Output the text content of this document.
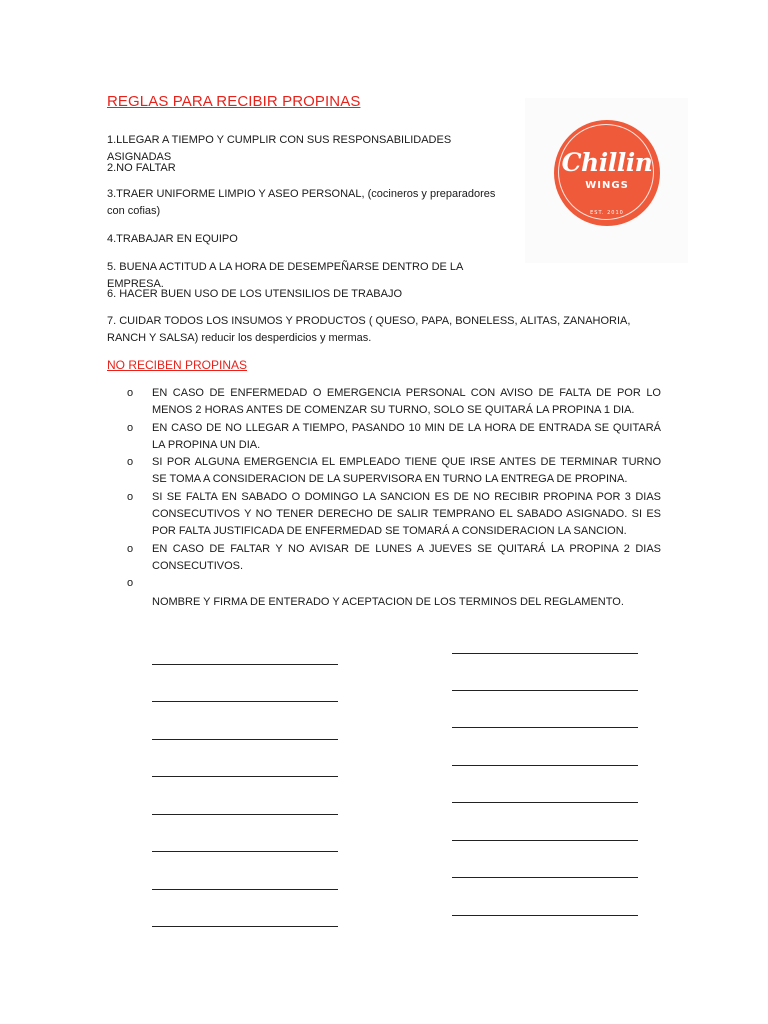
REGLAS PARA RECIBIR PROPINAS
1.LLEGAR A TIEMPO Y CUMPLIR CON SUS RESPONSABILIDADES ASIGNADAS
2.NO FALTAR
3.TRAER UNIFORME LIMPIO Y ASEO PERSONAL, (cocineros y preparadores con cofias)
4.TRABAJAR EN EQUIPO
5. BUENA ACTITUD A LA HORA DE DESEMPEÑARSE DENTRO DE LA EMPRESA.
6. HACER BUEN USO DE LOS UTENSILIOS DE TRABAJO
7. CUIDAR TODOS LOS INSUMOS Y PRODUCTOS ( QUESO, PAPA, BONELESS, ALITAS, ZANAHORIA, RANCH Y SALSA) reducir los desperdicios y mermas.
Chillin
WINGS
EST. 2010
NO RECIBEN PROPINAS
o EN CASO DE ENFERMEDAD O EMERGENCIA PERSONAL CON AVISO DE FALTA DE POR LO MENOS 2 HORAS ANTES DE COMENZAR SU TURNO, SOLO SE QUITARÁ LA PROPINA 1 DIA.
o EN CASO DE NO LLEGAR A TIEMPO, PASANDO 10 MIN DE LA HORA DE ENTRADA SE QUITARÁ LA PROPINA UN DIA.
o SI POR ALGUNA EMERGENCIA EL EMPLEADO TIENE QUE IRSE ANTES DE TERMINAR TURNO SE TOMA A CONSIDERACION DE LA SUPERVISORA EN TURNO LA ENTREGA DE PROPINA.
o SI SE FALTA EN SABADO O DOMINGO LA SANCION ES DE NO RECIBIR PROPINA POR 3 DIAS CONSECUTIVOS Y NO TENER DERECHO DE SALIR TEMPRANO EL SABADO ASIGNADO. SI ES POR FALTA JUSTIFICADA DE ENFERMEDAD SE TOMARÁ A CONSIDERACION LA SANCION.
o EN CASO DE FALTAR Y NO AVISAR DE LUNES A JUEVES SE QUITARÁ LA PROPINA 2 DIAS CONSECUTIVOS.
o
NOMBRE Y FIRMA DE ENTERADO Y ACEPTACION DE LOS TERMINOS DEL REGLAMENTO.
